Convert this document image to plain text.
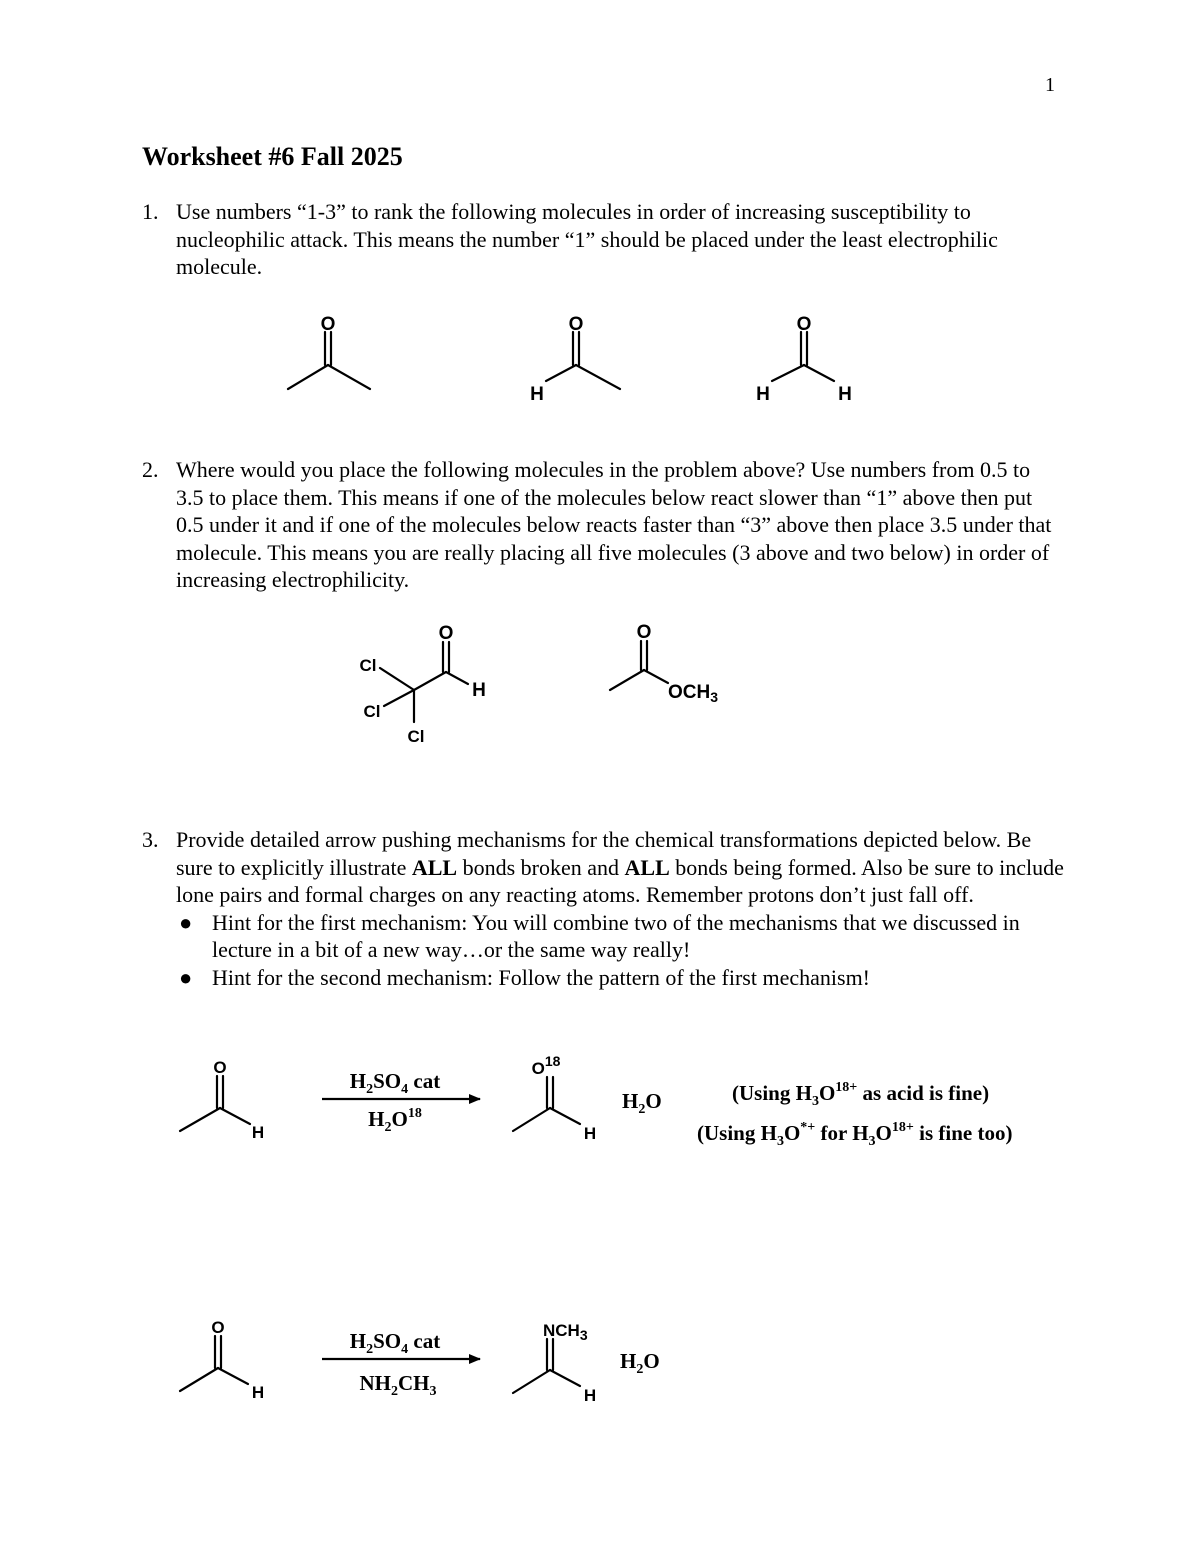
1
Worksheet #6 Fall 2025
1. Use numbers “1-3” to rank the following molecules in order of increasing susceptibility to nucleophilic attack. This means the number “1” should be placed under the least electrophilic molecule.
2. Where would you place the following molecules in the problem above? Use numbers from 0.5 to 3.5 to place them. This means if one of the molecules below react slower than “1” above then put 0.5 under it and if one of the molecules below reacts faster than “3” above then place 3.5 under that molecule. This means you are really placing all five molecules (3 above and two below) in order of increasing electrophilicity.
3. Provide detailed arrow pushing mechanisms for the chemical transformations depicted below. Be sure to explicitly illustrate ALL bonds broken and ALL bonds being formed. Also be sure to include lone pairs and formal charges on any reacting atoms. Remember protons don’t just fall off.
● Hint for the first mechanism: You will combine two of the mechanisms that we discussed in lecture in a bit of a new way…or the same way really!
● Hint for the second mechanism: Follow the pattern of the first mechanism!
O	O
H
O
H	H
O
H
Cl
Cl
Cl
O
$OCH_3$
O
H
$O^{18}$
H
O
H
$NCH_3$
H
$H_2SO_4$ cat
$H_2O^{18}$
$H_2O$	(Using $H_3O^{18+}$ as acid is fine)
(Using $H_3O^{*+}$ for $H_3O^{18+}$ is fine too)
$H_2SO_4$ cat
$NH_2CH_3$
$H_2O$
